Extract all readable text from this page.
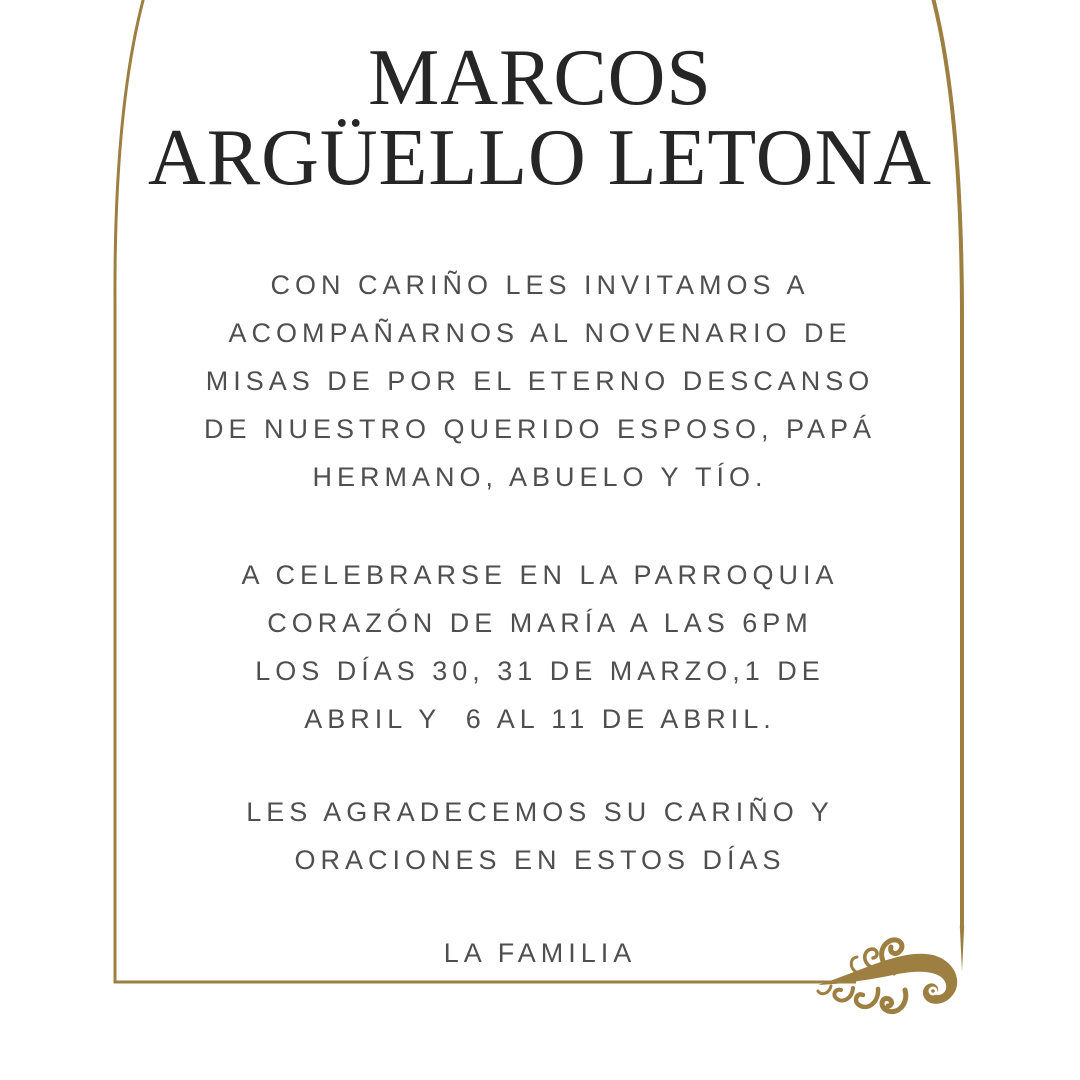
MARCOS
ARGÜELLO LETONA
CON CARIÑO LES INVITAMOS A
ACOMPAÑARNOS AL NOVENARIO DE
MISAS DE POR EL ETERNO DESCANSO
DE NUESTRO QUERIDO ESPOSO, PAPÁ
HERMANO, ABUELO Y TÍO.
A CELEBRARSE EN LA PARROQUIA
CORAZÓN DE MARÍA A LAS 6PM
LOS DÍAS 30, 31 DE MARZO,1 DE
ABRIL Y  6 AL 11 DE ABRIL.
LES AGRADECEMOS SU CARIÑO Y
ORACIONES EN ESTOS DÍAS
LA FAMILIA
